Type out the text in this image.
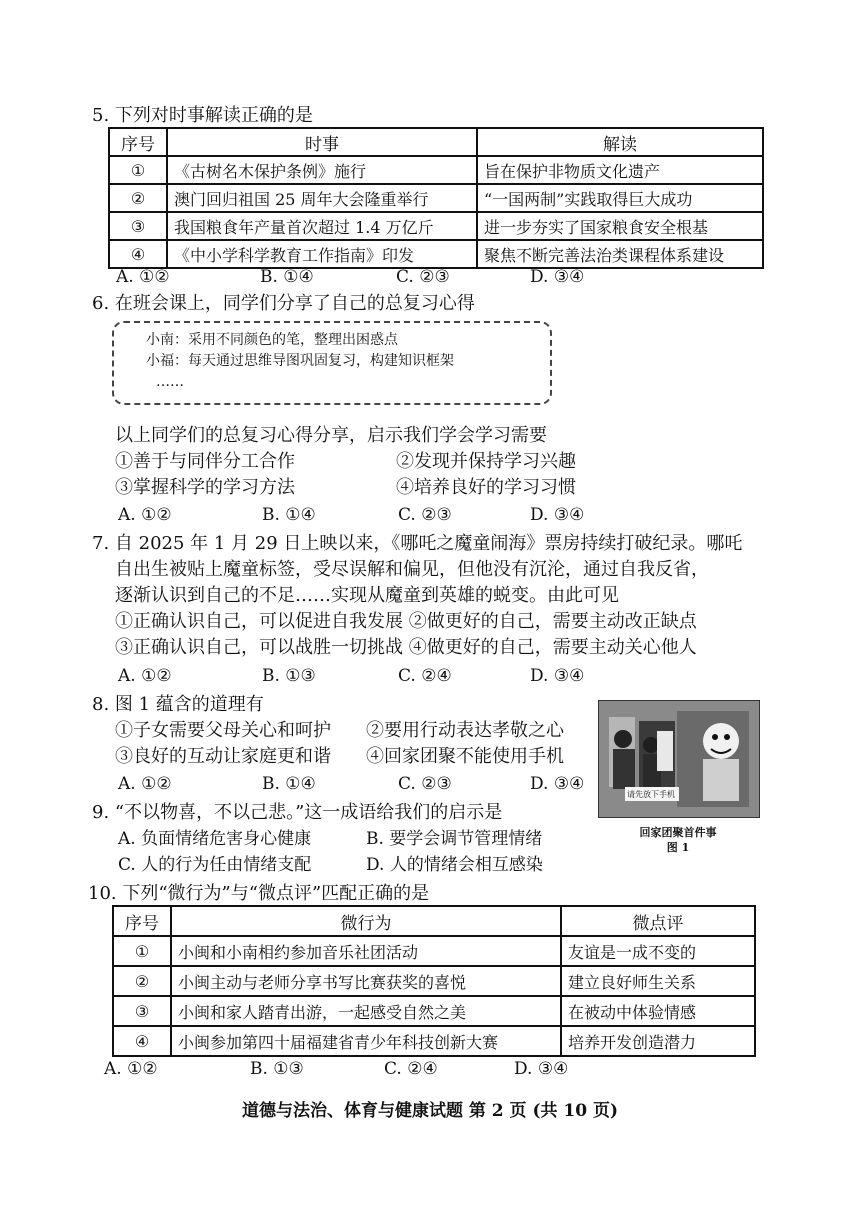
5. 下列对时事解读正确的是
序号	时事	解读
①	《古树名木保护条例》施行	旨在保护非物质文化遗产
②	澳门回归祖国 25 周年大会隆重举行	“一国两制”实践取得巨大成功
③	我国粮食年产量首次超过 1.4 万亿斤	进一步夯实了国家粮食安全根基
④	《中小学科学教育工作指南》印发	聚焦不断完善法治类课程体系建设
A. ①②	B. ①④	C. ②③	D. ③④
6. 在班会课上，同学们分享了自己的总复习心得
小南：采用不同颜色的笔，整理出困惑点
小福：每天通过思维导图巩固复习，构建知识框架
……
以上同学们的总复习心得分享，启示我们学会学习需要
①善于与同伴分工合作	②发现并保持学习兴趣
③掌握科学的学习方法	④培养良好的学习习惯
A. ①②	B. ①④	C. ②③	D. ③④
7. 自 2025 年 1 月 29 日上映以来，《哪吒之魔童闹海》票房持续打破纪录。哪吒
自出生被贴上魔童标签，受尽误解和偏见，但他没有沉沦，通过自我反省，
逐渐认识到自己的不足……实现从魔童到英雄的蜕变。由此可见
①正确认识自己，可以促进自我发展 ②做更好的自己，需要主动改正缺点
③正确认识自己，可以战胜一切挑战 ④做更好的自己，需要主动关心他人
A. ①②	B. ①③	C. ②④	D. ③④
8. 图 1 蕴含的道理有
①子女需要父母关心和呵护 ②要用行动表达孝敬之心
③良好的互动让家庭更和谐 ④回家团聚不能使用手机
A. ①②	B. ①④	C. ②③	D. ③④
请先放下手机
回家团聚首件事
图 1
9. “不以物喜，不以己悲。”这一成语给我们的启示是
A. 负面情绪危害身心健康	B. 要学会调节管理情绪
C. 人的行为任由情绪支配	D. 人的情绪会相互感染
10. 下列“微行为”与“微点评”匹配正确的是
序号	微行为	微点评
①	小闽和小南相约参加音乐社团活动	友谊是一成不变的
②	小闽主动与老师分享书写比赛获奖的喜悦	建立良好师生关系
③	小闽和家人踏青出游，一起感受自然之美	在被动中体验情感
④	小闽参加第四十届福建省青少年科技创新大赛	培养开发创造潜力
A. ①②	B. ①③	C. ②④	D. ③④
道德与法治、体育与健康试题 第 2 页 (共 10 页)
